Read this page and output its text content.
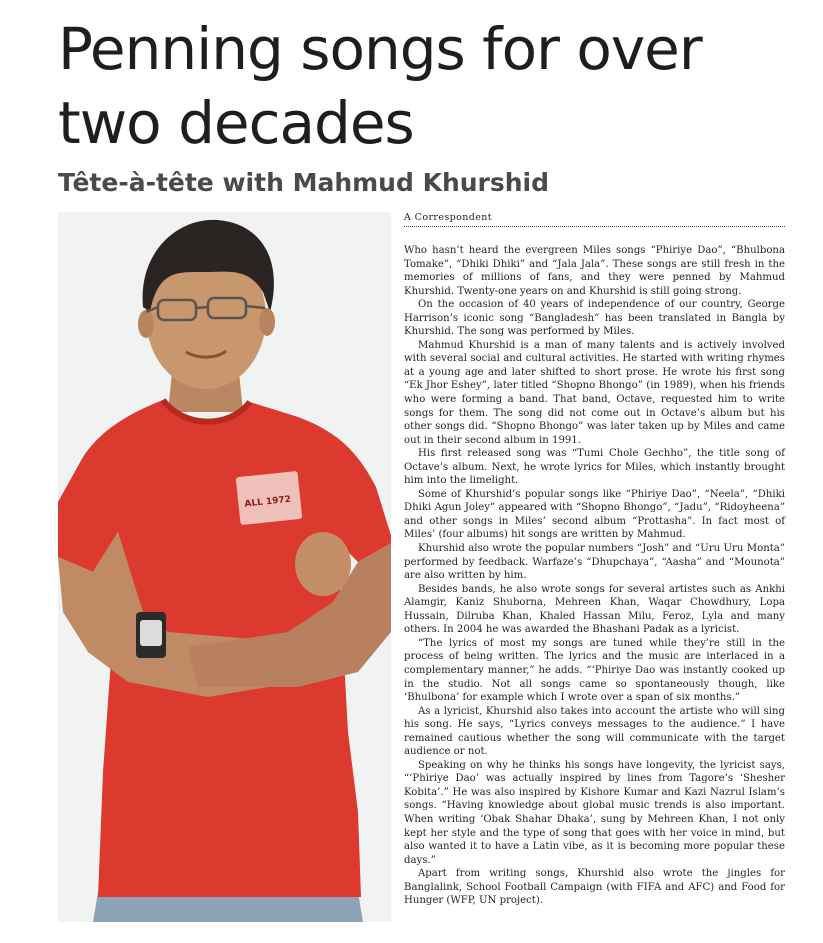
Penning songs for over two decades
Tête-à-tête with Mahmud Khurshid
ALL 1972
A Correspondent

Who hasn’t heard the evergreen Miles songs “Phiriye Dao”, “Bhulbona Tomake”, “Dhiki Dhiki” and “Jala Jala”. These songs are still fresh in the memories of millions of fans, and they were penned by Mahmud Khurshid. Twenty-one years on and Khurshid is still going strong.

On the occasion of 40 years of independence of our country, George Harrison’s iconic song “Bangladesh” has been translated in Bangla by Khurshid. The song was performed by Miles.

Mahmud Khurshid is a man of many talents and is actively involved with several social and cultural activities. He started with writing rhymes at a young age and later shifted to short prose. He wrote his first song “Ek Jhor Eshey”, later titled “Shopno Bhongo” (in 1989), when his friends who were forming a band. That band, Octave, requested him to write songs for them. The song did not come out in Octave’s album but his other songs did. “Shopno Bhongo” was later taken up by Miles and came out in their second album in 1991.

His first released song was “Tumi Chole Gechho”, the title song of Octave’s album. Next, he wrote lyrics for Miles, which instantly brought him into the limelight.

Some of Khurshid’s popular songs like “Phiriye Dao”, “Neela”, “Dhiki Dhiki Agun Joley” appeared with “Shopno Bhongo”, “Jadu”, “Ridoyheena” and other songs in Miles’ second album “Prottasha”. In fact most of Miles’ (four albums) hit songs are written by Mahmud.

Khurshid also wrote the popular numbers “Josh” and “Uru Uru Monta” performed by feedback. Warfaze’s “Dhupchaya”, “Aasha” and “Mounota” are also written by him.

Besides bands, he also wrote songs for several artistes such as Ankhi Alamgir, Kaniz Shuborna, Mehreen Khan, Waqar Chowdhury, Lopa Hussain, Dilruba Khan, Khaled Hassan Milu, Feroz, Lyla and many others. In 2004 he was awarded the Bhashani Padak as a lyricist.

“The lyrics of most my songs are tuned while they’re still in the process of being written. The lyrics and the music are interlaced in a complementary manner,” he adds. “‘Phiriye Dao was instantly cooked up in the studio. Not all songs came so spontaneously though, like ‘Bhulbona’ for example which I wrote over a span of six months.”

As a lyricist, Khurshid also takes into account the artiste who will sing his song. He says, “Lyrics conveys messages to the audience.” I have remained cautious whether the song will communicate with the target audience or not.

Speaking on why he thinks his songs have longevity, the lyricist says, “‘Phiriye Dao’ was actually inspired by lines from Tagore’s ‘Shesher Kobita’.” He was also inspired by Kishore Kumar and Kazi Nazrul Islam’s songs. “Having knowledge about global music trends is also important. When writing ‘Obak Shahar Dhaka’, sung by Mehreen Khan, I not only kept her style and the type of song that goes with her voice in mind, but also wanted it to have a Latin vibe, as it is becoming more popular these days.”

Apart from writing songs, Khurshid also wrote the jingles for Banglalink, School Football Campaign (with FIFA and AFC) and Food for Hunger (WFP, UN project).
